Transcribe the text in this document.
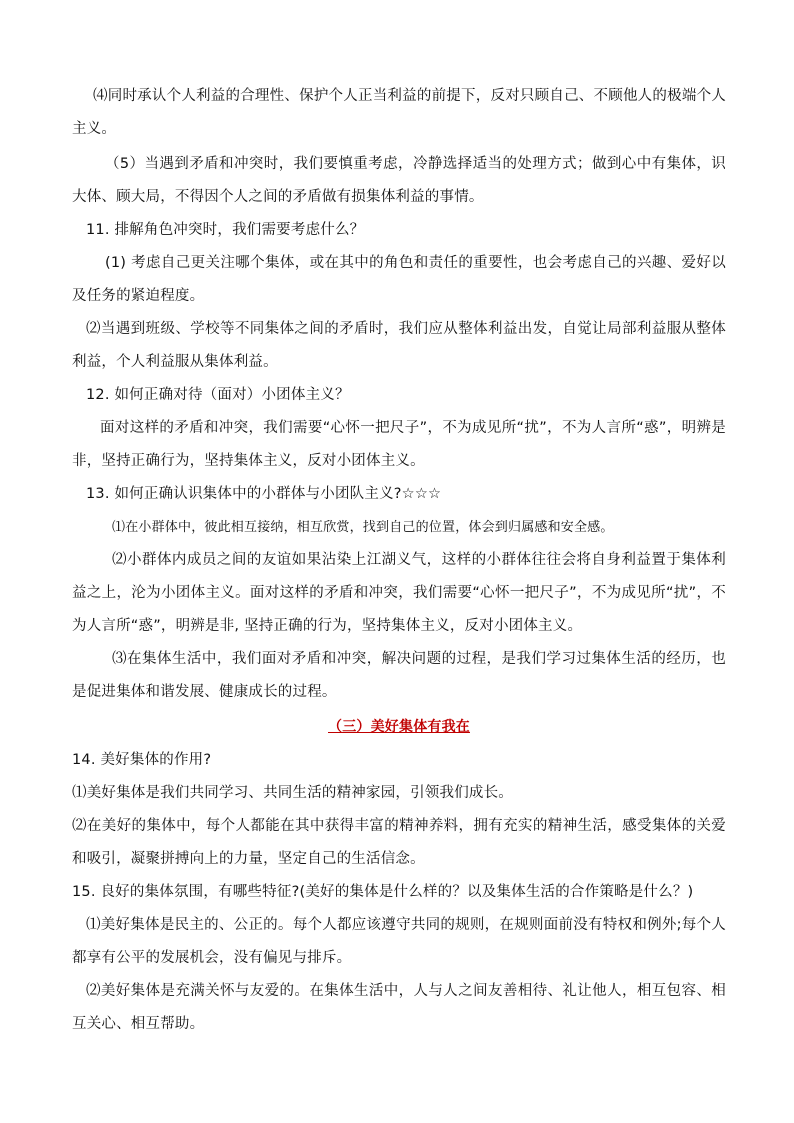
⑷同时承认个人利益的合理性、保护个人正当利益的前提下，反对只顾自己、不顾他人的极端个人主义。

（5）当遇到矛盾和冲突时，我们要慎重考虑，冷静选择适当的处理方式；做到心中有集体，识大体、顾大局，不得因个人之间的矛盾做有损集体利益的事情。

11. 排解角色冲突时，我们需要考虑什么？

(1) 考虑自己更关注哪个集体，或在其中的角色和责任的重要性，也会考虑自己的兴趣、爱好以及任务的紧迫程度。

⑵当遇到班级、学校等不同集体之间的矛盾时，我们应从整体利益出发，自觉让局部利益服从整体利益，个人利益服从集体利益。

12. 如何正确对待（面对）小团体主义？

面对这样的矛盾和冲突，我们需要“心怀一把尺子”，不为成见所“扰”，不为人言所“惑”，明辨是非，坚持正确行为，坚持集体主义，反对小团体主义。

13. 如何正确认识集体中的小群体与小团队主义?☆☆☆

⑴在小群体中，彼此相互接纳，相互欣赏，找到自己的位置，体会到归属感和安全感。

⑵小群体内成员之间的友谊如果沾染上江湖义气，这样的小群体往往会将自身利益置于集体利益之上，沦为小团体主义。面对这样的矛盾和冲突，我们需要“心怀一把尺子”，不为成见所“扰”，不为人言所“惑”，明辨是非, 坚持正确的行为，坚持集体主义，反对小团体主义。

⑶在集体生活中，我们面对矛盾和冲突，解决问题的过程，是我们学习过集体生活的经历，也是促进集体和谐发展、健康成长的过程。

（三）美好集体有我在

14. 美好集体的作用?

⑴美好集体是我们共同学习、共同生活的精神家园，引领我们成长。

⑵在美好的集体中，每个人都能在其中获得丰富的精神养料，拥有充实的精神生活，感受集体的关爱和吸引，凝聚拼搏向上的力量，坚定自己的生活信念。

15. 良好的集体氛围，有哪些特征?(美好的集体是什么样的？以及集体生活的合作策略是什么？)

⑴美好集体是民主的、公正的。每个人都应该遵守共同的规则，在规则面前没有特权和例外;每个人都享有公平的发展机会，没有偏见与排斥。

⑵美好集体是充满关怀与友爱的。在集体生活中，人与人之间友善相待、礼让他人，相互包容、相互关心、相互帮助。
